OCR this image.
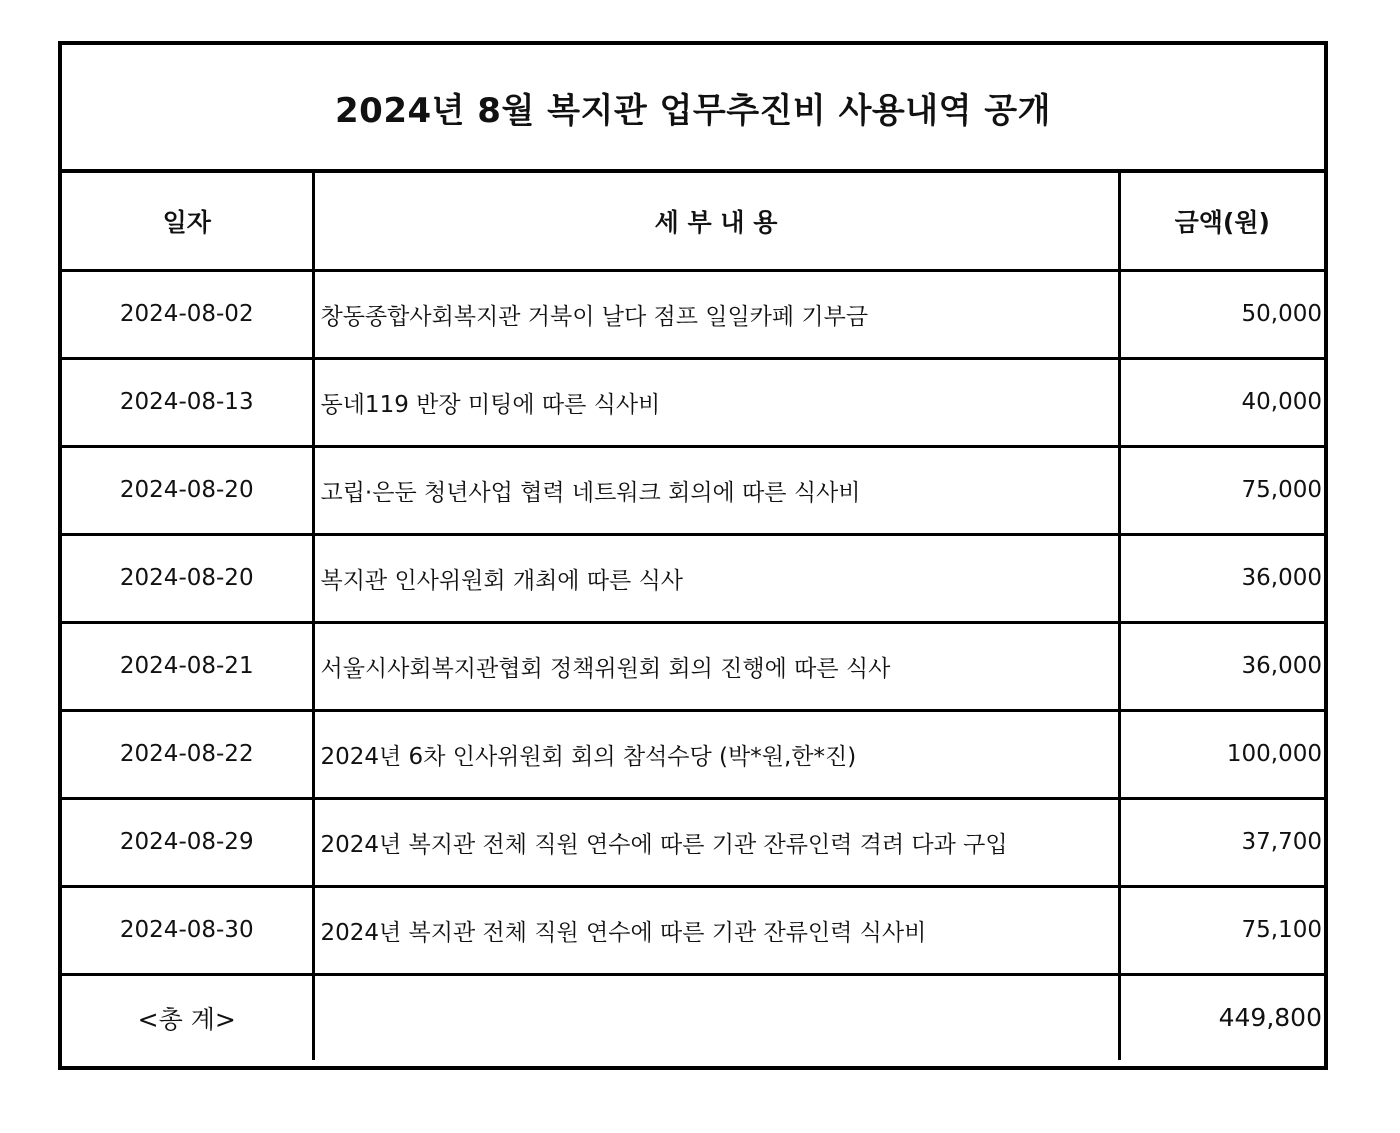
2024년 8월 복지관 업무추진비 사용내역 공개
일자	세 부 내 용	금액(원)
2024-08-02	창동종합사회복지관 거북이 날다 점프 일일카페 기부금	50,000
2024-08-13	동네119 반장 미팅에 따른 식사비	40,000
2024-08-20	고립·은둔 청년사업 협력 네트워크 회의에 따른 식사비	75,000
2024-08-20	복지관 인사위원회 개최에 따른 식사	36,000
2024-08-21	서울시사회복지관협회 정책위원회 회의 진행에 따른 식사	36,000
2024-08-22	2024년 6차 인사위원회 회의 참석수당 (박*원,한*진)	100,000
2024-08-29	2024년 복지관 전체 직원 연수에 따른 기관 잔류인력 격려 다과 구입	37,700
2024-08-30	2024년 복지관 전체 직원 연수에 따른 기관 잔류인력 식사비	75,100
<총 계>		449,800
